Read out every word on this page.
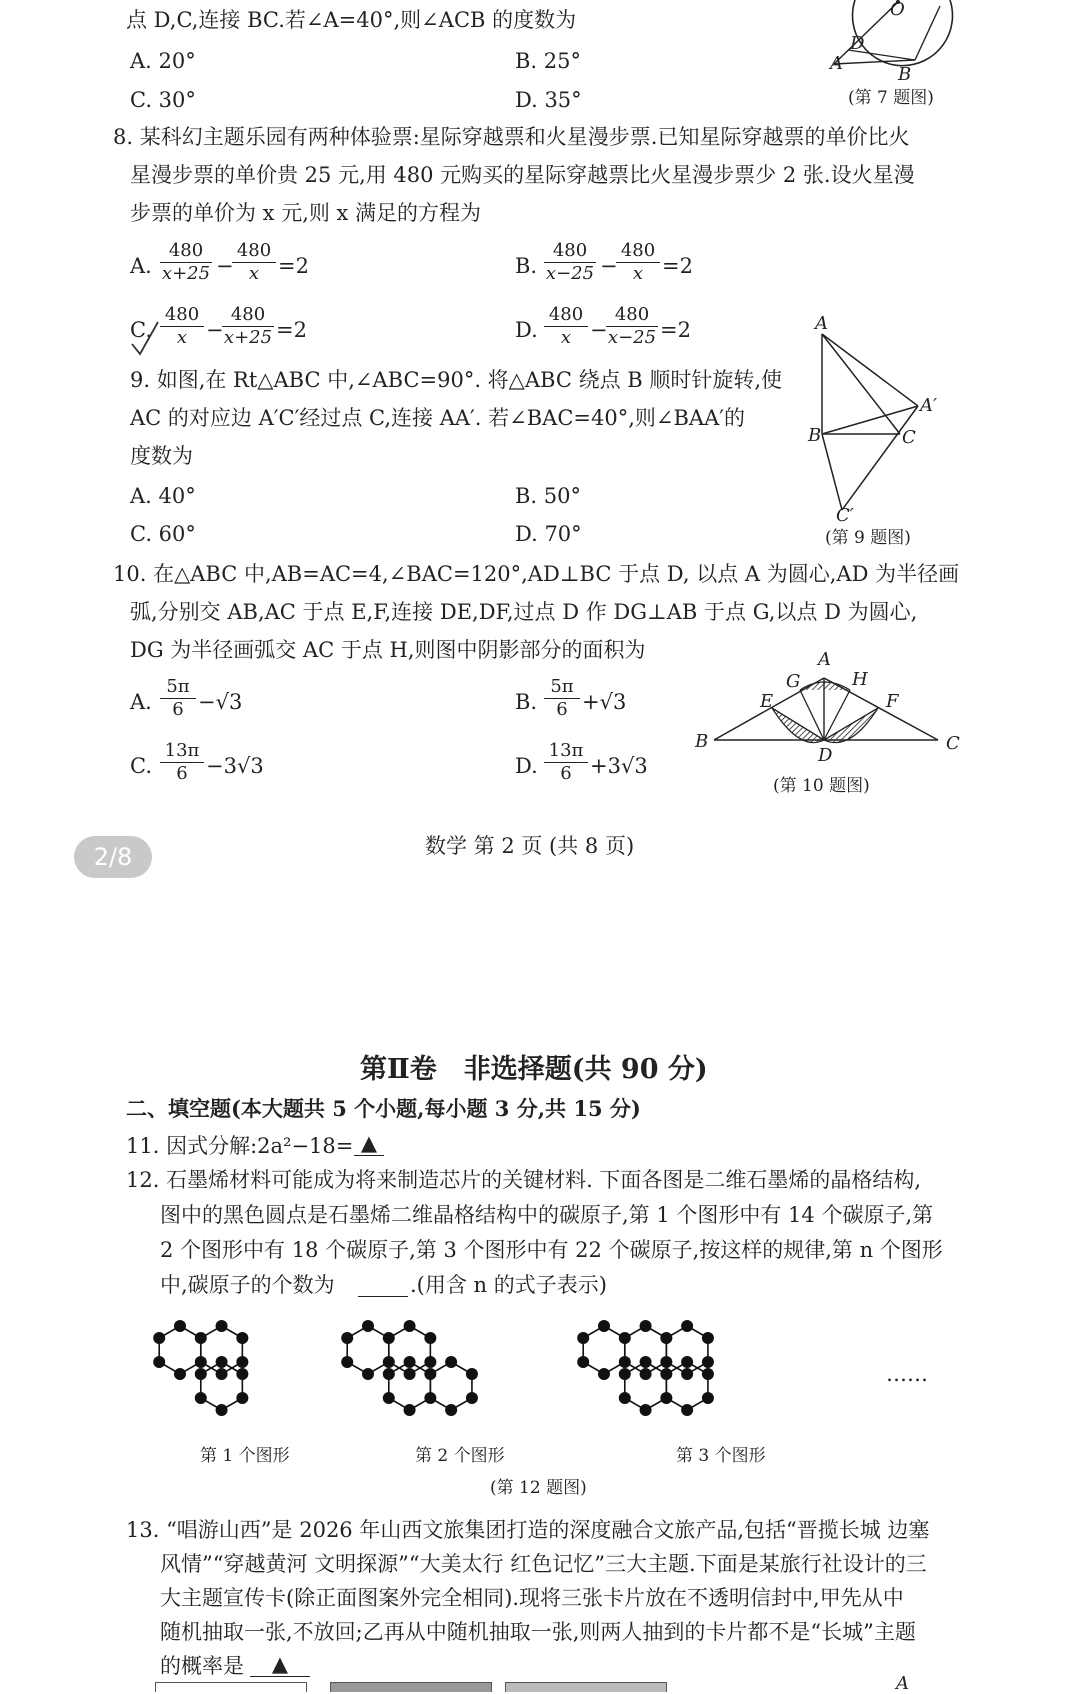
点 D,C,连接 BC.若∠A=40°,则∠ACB 的度数为
A. 20°	B. 25°
C. 30°	D. 35°
O
D
A
B
(第 7 题图)
8. 某科幻主题乐园有两种体验票:星际穿越票和火星漫步票.已知星际穿越票的单价比火
星漫步票的单价贵 25 元,用 480 元购买的星际穿越票比火星漫步票少 2 张.设火星漫
步票的单价为 x 元,则 x 满足的方程为
A. $\frac{480}{x+25}$ −
$\frac{480}{x} =2$	B. $\frac{480}{x-25}$ −
$\frac{480}{x} =2$
C. $\frac{480}{x}$ −
$\frac{480}{x+25} =2$	D. $\frac{480}{x}$ −
$\frac{480}{x-25} =2$
9. 如图,在 Rt△ABC 中,∠ABC=90°. 将△ABC 绕点 B 顺时针旋转,使
AC 的对应边 A′C′经过点 C,连接 AA′. 若∠BAC=40°,则∠BAA′的
度数为
A. 40°	B. 50°
C. 60°	D. 70°
A
A′
B	C
C′
(第 9 题图)
10. 在△ABC 中,AB=AC=4,∠BAC=120°,AD⊥BC 于点 D, 以点 A 为圆心,AD 为半径画
弧,分别交 AB,AC 于点 E,F,连接 DE,DF,过点 D 作 DG⊥AB 于点 G,以点 D 为圆心,
DG 为半径画弧交 AC 于点 H,则图中阴影部分的面积为
A. $\frac{5\pi}{6} -√3$	B. $\frac{5\pi}{6} +√3$
C. $\frac{13\pi}{6} -3√3$	D. $\frac{13\pi}{6} +3√3$
A
G	H
E	F
B
D
C
(第 10 题图)
2/8	数学 第 2 页 (共 8 页)
第Ⅱ卷　非选择题(共 90 分)
二、填空题(本大题共 5 个小题,每小题 3 分,共 15 分)
11. 因式分解:2a²−18= ▲
12. 石墨烯材料可能成为将来制造芯片的关键材料. 下面各图是二维石墨烯的晶格结构,
图中的黑色圆点是石墨烯二维晶格结构中的碳原子,第 1 个图形中有 14 个碳原子,第
2 个图形中有 18 个碳原子,第 3 个图形中有 22 个碳原子,按这样的规律,第 n 个图形
中,碳原子的个数为	.(用含 n 的式子表示)
第 1 个图形	第 2 个图形	第 3 个图形
……
(第 12 题图)
13. “唱游山西”是 2026 年山西文旅集团打造的深度融合文旅产品,包括“晋揽长城 边塞
风情”“穿越黄河 文明探源”“大美太行 红色记忆”三大主题.下面是某旅行社设计的三
大主题宣传卡(除正面图案外完全相同).现将三张卡片放在不透明信封中,甲先从中
随机抽取一张,不放回;乙再从中随机抽取一张,则两人抽到的卡片都不是“长城”主题
的概率是	▲
A
